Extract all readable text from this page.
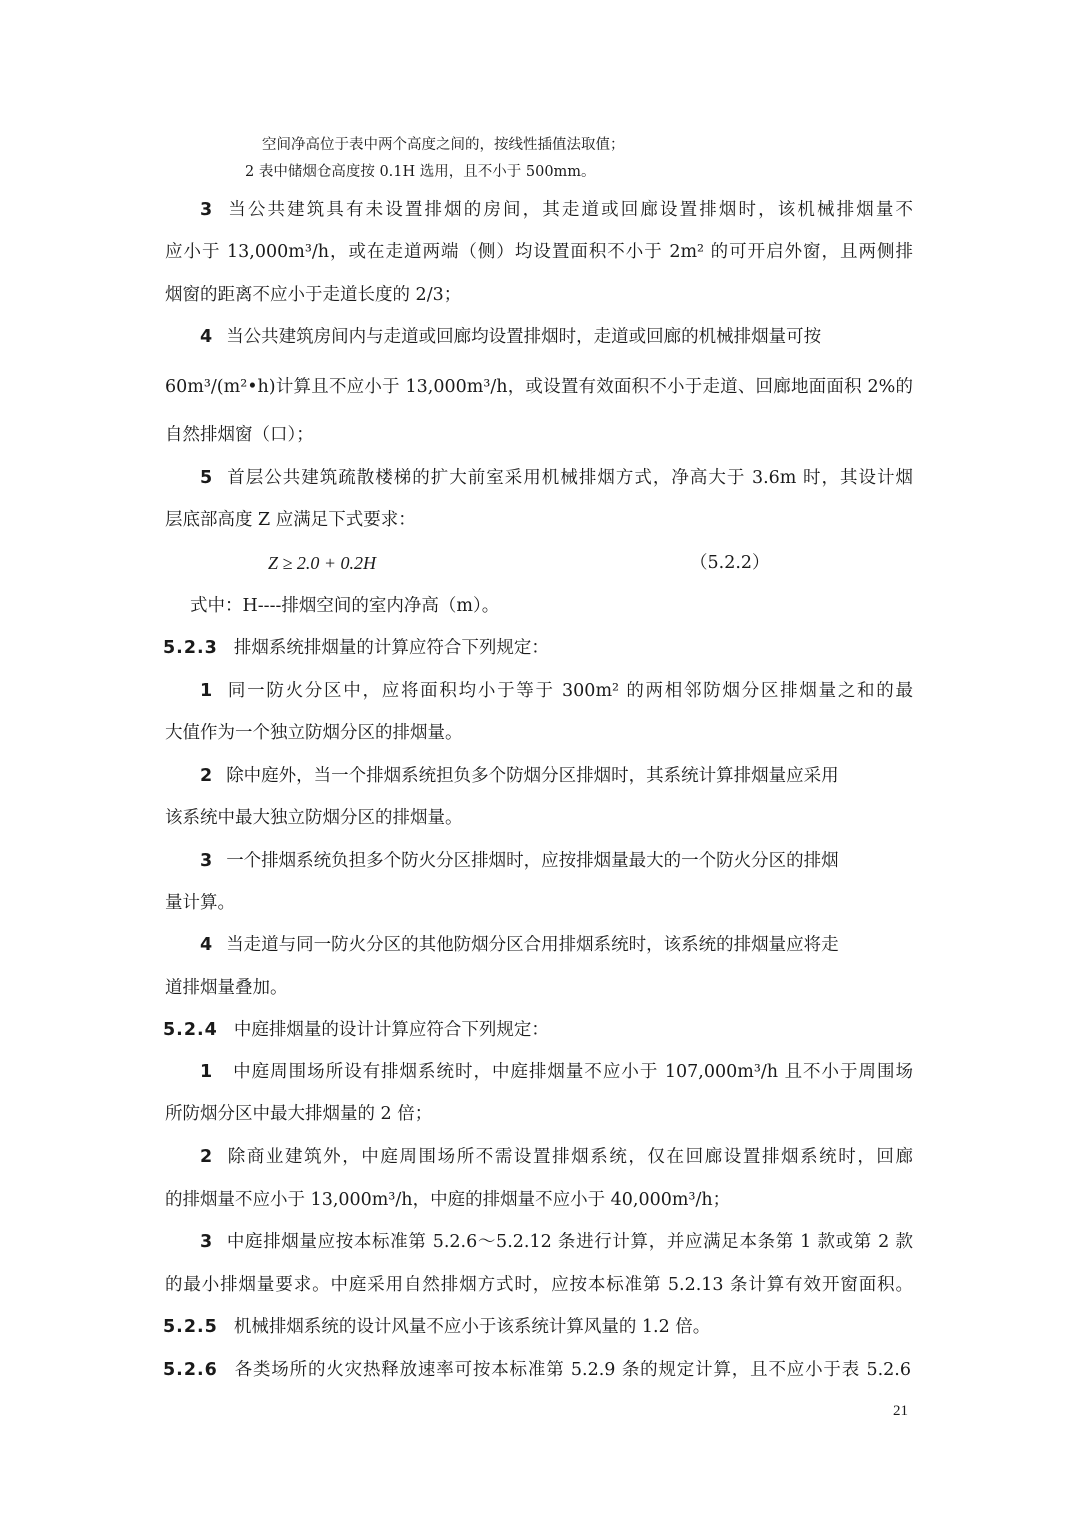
空间净高位于表中两个高度之间的，按线性插值法取值；
2 表中储烟仓高度按 0.1H 选用，且不小于 500mm。
3 当公共建筑具有未设置排烟的房间，其走道或回廊设置排烟时，该机械排烟量不
应小于 13,000m³/h，或在走道两端（侧）均设置面积不小于 2m² 的可开启外窗，且两侧排
烟窗的距离不应小于走道长度的 2/3；
4 当公共建筑房间内与走道或回廊均设置排烟时，走道或回廊的机械排烟量可按
60m³/(m²•h)计算且不应小于 13,000m³/h，或设置有效面积不小于走道、回廊地面面积 2%的
自然排烟窗（口）；
5 首层公共建筑疏散楼梯的扩大前室采用机械排烟方式，净高大于 3.6m 时，其设计烟
层底部高度 Z 应满足下式要求：
Z ≥ 2.0 + 0.2H	（5.2.2）
式中：H----排烟空间的室内净高（m）。
5.2.3 排烟系统排烟量的计算应符合下列规定：
1 同一防火分区中，应将面积均小于等于 300m² 的两相邻防烟分区排烟量之和的最
大值作为一个独立防烟分区的排烟量。
2 除中庭外，当一个排烟系统担负多个防烟分区排烟时，其系统计算排烟量应采用
该系统中最大独立防烟分区的排烟量。
3 一个排烟系统负担多个防火分区排烟时，应按排烟量最大的一个防火分区的排烟
量计算。
4 当走道与同一防火分区的其他防烟分区合用排烟系统时，该系统的排烟量应将走
道排烟量叠加。
5.2.4 中庭排烟量的设计计算应符合下列规定：
1 中庭周围场所设有排烟系统时，中庭排烟量不应小于 107,000m³/h 且不小于周围场
所防烟分区中最大排烟量的 2 倍；
2 除商业建筑外，中庭周围场所不需设置排烟系统，仅在回廊设置排烟系统时，回廊
的排烟量不应小于 13,000m³/h，中庭的排烟量不应小于 40,000m³/h；
3 中庭排烟量应按本标准第 5.2.6～5.2.12 条进行计算，并应满足本条第 1 款或第 2 款
的最小排烟量要求。中庭采用自然排烟方式时，应按本标准第 5.2.13 条计算有效开窗面积。
5.2.5 机械排烟系统的设计风量不应小于该系统计算风量的 1.2 倍。
5.2.6 各类场所的火灾热释放速率可按本标准第 5.2.9 条的规定计算，且不应小于表 5.2.6
21
